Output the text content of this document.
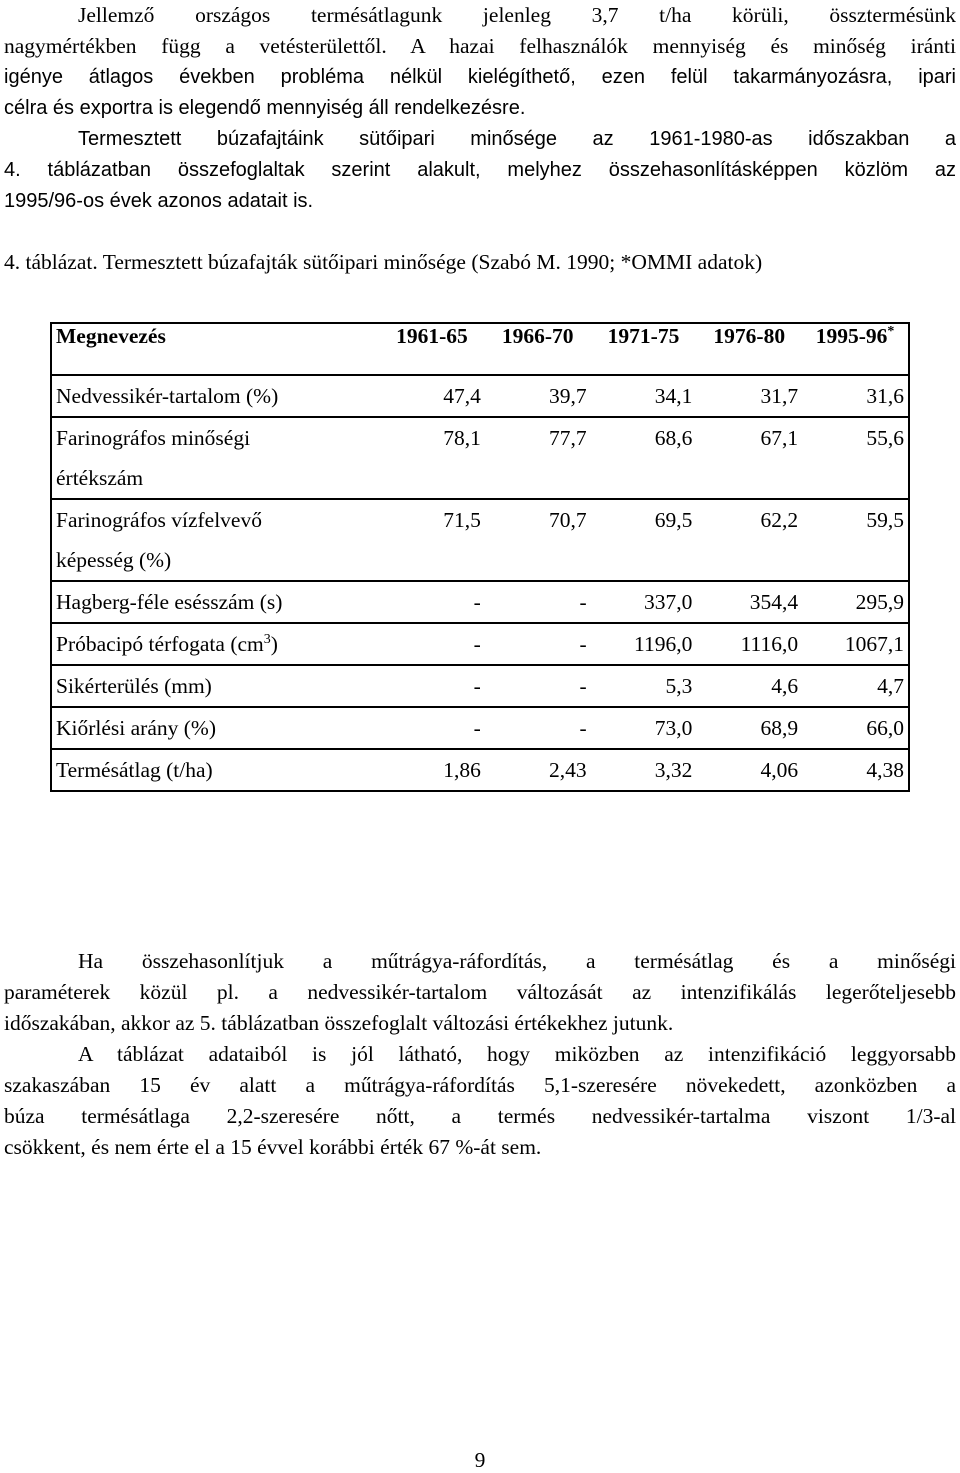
Jellemző országos termésátlagunk jelenleg 3,7 t/ha körüli, össztermésünk
nagymértékben függ a vetésterülettől. A hazai felhasználók mennyiség és minőség iránti
igénye átlagos években probléma nélkül kielégíthető, ezen felül takarmányozásra, ipari
célra és exportra is elegendő mennyiség áll rendelkezésre.
Termesztett búzafajtáink sütőipari minősége az 1961-1980-as időszakban a
4. táblázatban összefoglaltak szerint alakult, melyhez összehasonlításképpen közlöm az
1995/96-os évek azonos adatait is.
4. táblázat. Termesztett búzafajták sütőipari minősége (Szabó M. 1990; *OMMI adatok)
Megnevezés	1961-65	1966-70	1971-75	1976-80	1995-96*
Nedvessikér-tartalom (%)	47,4	39,7	34,1	31,7	31,6
Farinográfos minőségi
értékszám	78,1	77,7	68,6	67,1	55,6
Farinográfos vízfelvevő
képesség (%)	71,5	70,7	69,5	62,2	59,5
Hagberg-féle esésszám (s)	-	-	337,0	354,4	295,9
Próbacipó térfogata $(cm^3)$	-	-	1196,0	1116,0	1067,1
Sikérterülés (mm)	-	-	5,3	4,6	4,7
Kiőrlési arány (%)	-	-	73,0	68,9	66,0
Termésátlag (t/ha)	1,86	2,43	3,32	4,06	4,38
Ha összehasonlítjuk a műtrágya-ráfordítás, a termésátlag és a minőségi
paraméterek közül pl. a nedvessikér-tartalom változását az intenzifikálás legerőteljesebb
időszakában, akkor az 5. táblázatban összefoglalt változási értékekhez jutunk.
A táblázat adataiból is jól látható, hogy miközben az intenzifikáció leggyorsabb
szakaszában 15 év alatt a műtrágya-ráfordítás 5,1-szeresére növekedett, azonközben a
búza termésátlaga 2,2-szeresére nőtt, a termés nedvessikér-tartalma viszont 1/3-al
csökkent, és nem érte el a 15 évvel korábbi érték 67 %-át sem.
9
